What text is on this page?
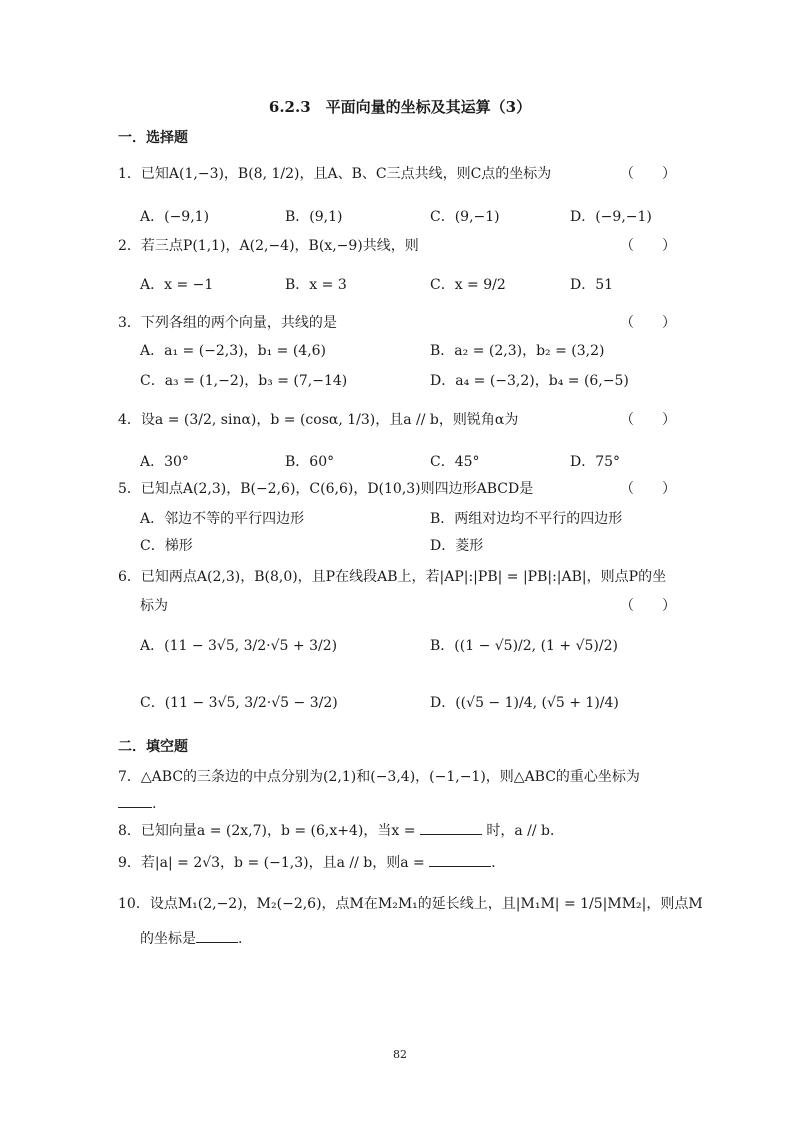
6.2.3　平面向量的坐标及其运算（3）
一．选择题
1．已知A(1,−3)，B(8, 1/2)，且A、B、C三点共线，则C点的坐标为	（　　）
A．(−9,1)	B．(9,1)	C．(9,−1)	D．(−9,−1)
2．若三点P(1,1)，A(2,−4)，B(x,−9)共线，则	（　　）
A．x = −1	B．x = 3	C．x = 9/2	D．51
3．下列各组的两个向量，共线的是	（　　）
A．a₁ = (−2,3)，b₁ = (4,6)	B．a₂ = (2,3)，b₂ = (3,2)
C．a₃ = (1,−2)，b₃ = (7,−14)	D．a₄ = (−3,2)，b₄ = (6,−5)
4．设a = (3/2, sinα)，b = (cosα, 1/3)，且a // b，则锐角α为	（　　）
A．30°	B．60°	C．45°	D．75°
5．已知点A(2,3)，B(−2,6)，C(6,6)，D(10,3)则四边形ABCD是	（　　）
A．邻边不等的平行四边形	B．两组对边均不平行的四边形
C．梯形	D．菱形
6．已知两点A(2,3)，B(8,0)，且P在线段AB上，若|AP|:|PB| = |PB|:|AB|，则点P的坐
标为	（　　）
A．(11 − 3√5, 3/2·√5 + 3/2)	B．((1 − √5)/2, (1 + √5)/2)
C．(11 − 3√5, 3/2·√5 − 3/2)	D．((√5 − 1)/4, (√5 + 1)/4)
二．填空题
7．△ABC的三条边的中点分别为(2,1)和(−3,4)，(−1,−1)，则△ABC的重心坐标为
.
8．已知向量a = (2x,7)，b = (6,x+4)，当x =	时，a // b．
9．若|a| = 2√3，b = (−1,3)，且a // b，则a =	．
10．设点M₁(2,−2)，M₂(−2,6)，点M在M₂M₁的延长线上，且|M₁M| = 1/5|MM₂|，则点M
的坐标是	.
82
